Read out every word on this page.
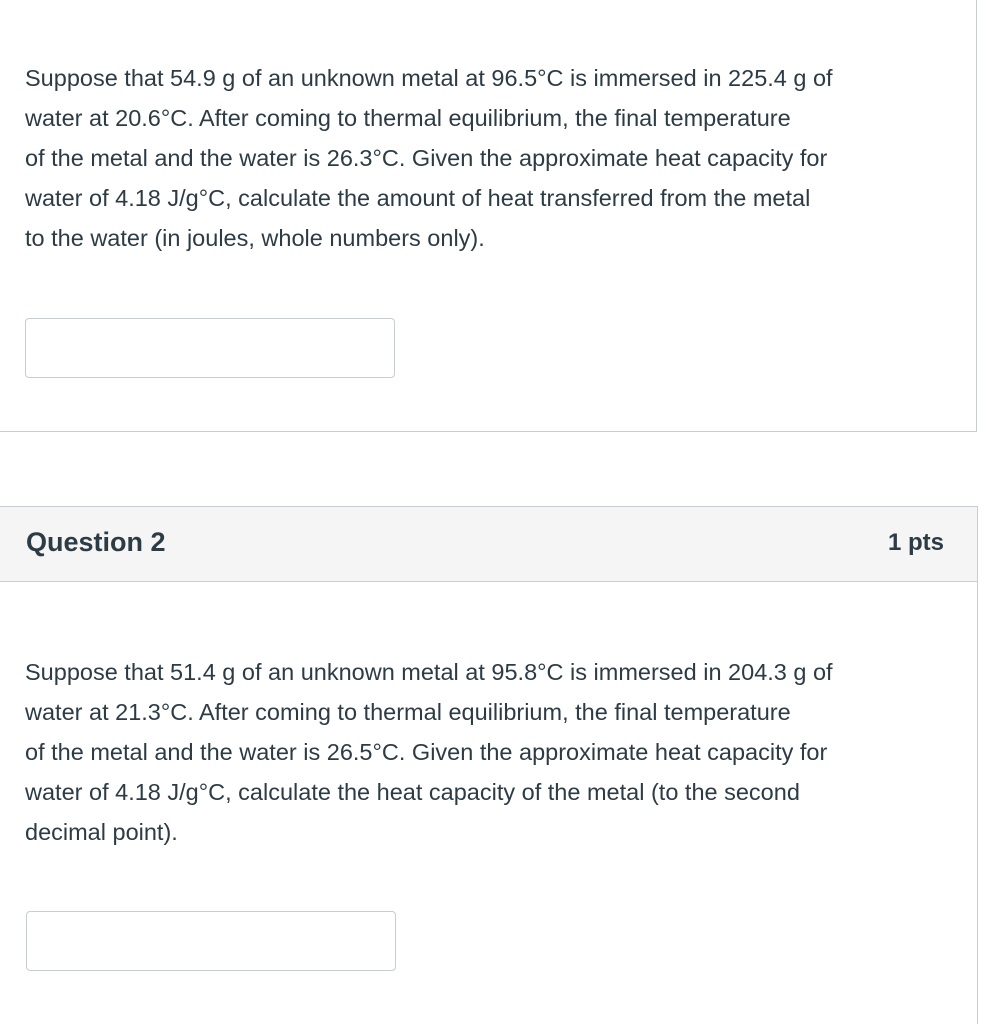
Suppose that 54.9 g of an unknown metal at 96.5°C is immersed in 225.4 g of
water at 20.6°C. After coming to thermal equilibrium, the final temperature
of the metal and the water is 26.3°C. Given the approximate heat capacity for
water of 4.18 J/g°C, calculate the amount of heat transferred from the metal
to the water (in joules, whole numbers only).
Question 2	1 pts
Suppose that 51.4 g of an unknown metal at 95.8°C is immersed in 204.3 g of
water at 21.3°C. After coming to thermal equilibrium, the final temperature
of the metal and the water is 26.5°C. Given the approximate heat capacity for
water of 4.18 J/g°C, calculate the heat capacity of the metal (to the second
decimal point).
